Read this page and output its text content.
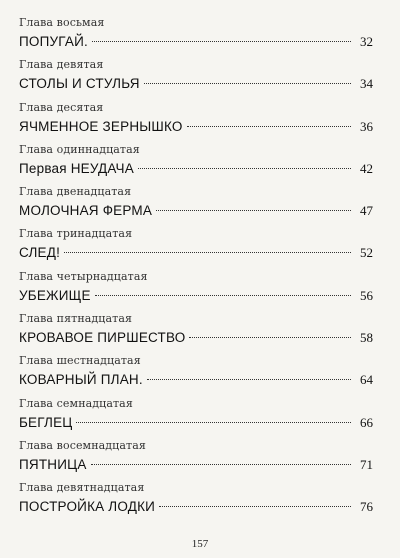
Глава восьмая
ПОПУГАЙ.	32
Глава девятая
СТОЛЫ И СТУЛЬЯ	34
Глава десятая
ЯЧМЕННОЕ ЗЕРНЫШКО	36
Глава одиннадцатая
Первая НЕУДАЧА	42
Глава двенадцатая
МОЛОЧНАЯ ФЕРМА	47
Глава тринадцатая
СЛЕД!	52
Глава четырнадцатая
УБЕЖИЩЕ	56
Глава пятнадцатая
КРОВАВОЕ ПИРШЕСТВО	58
Глава шестнадцатая
КОВАРНЫЙ ПЛАН.	64
Глава семнадцатая
БЕГЛЕЦ	66
Глава восемнадцатая
ПЯТНИЦА	71
Глава девятнадцатая
ПОСТРОЙКА ЛОДКИ	76
157
